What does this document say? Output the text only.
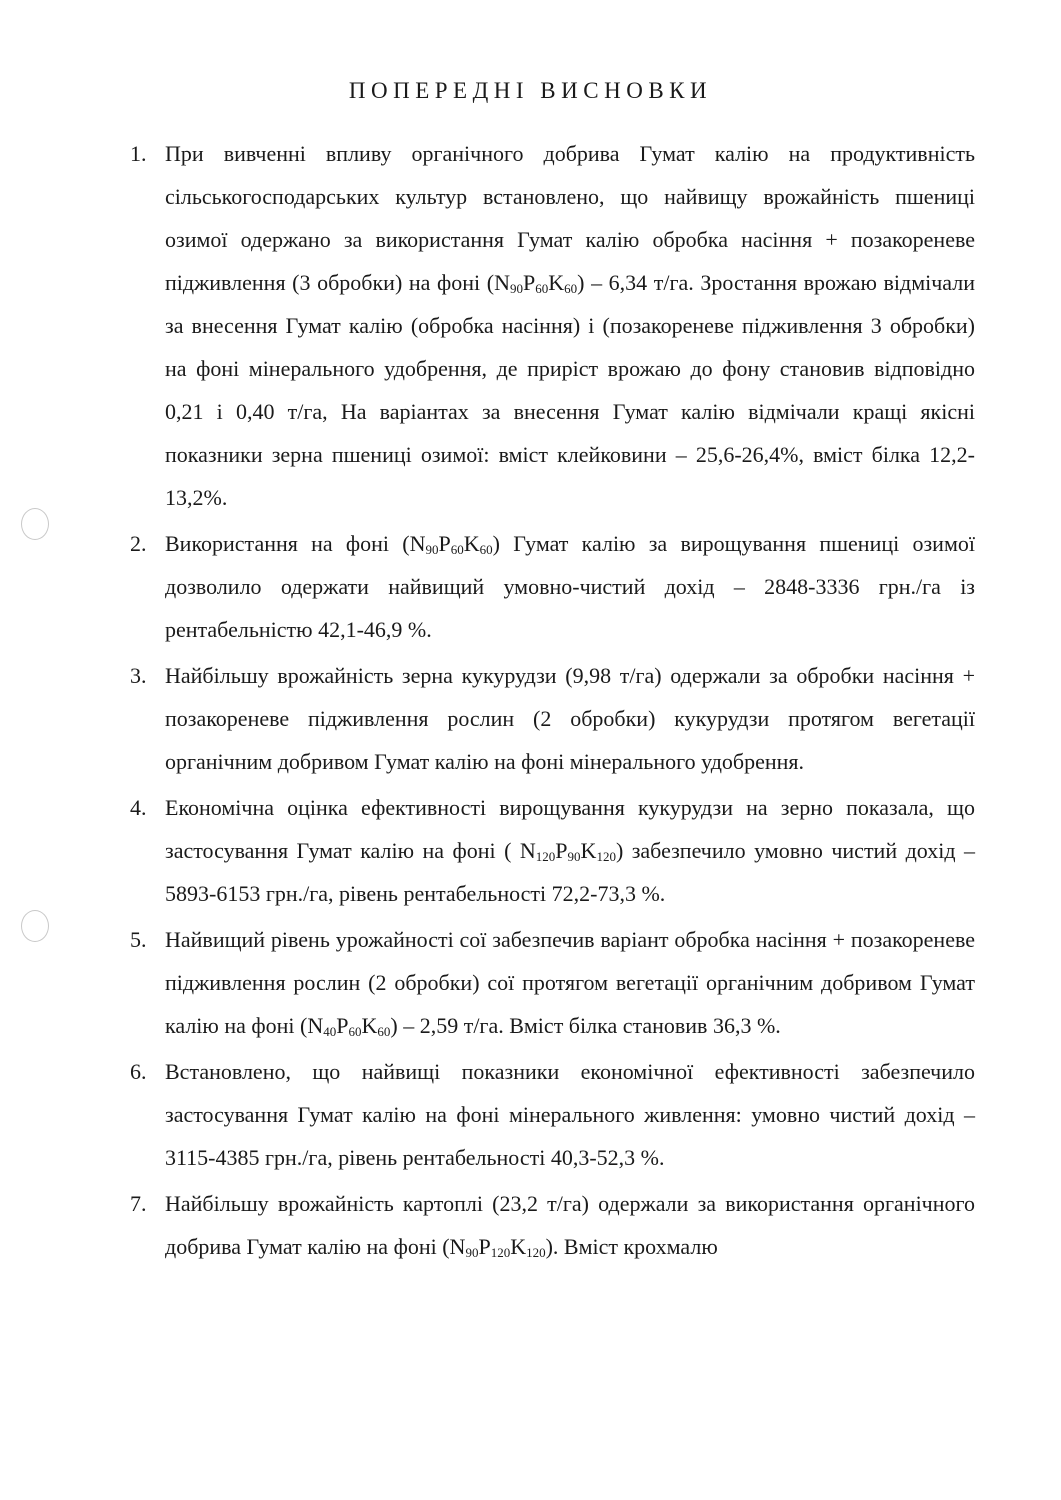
ПОПЕРЕДНІ ВИСНОВКИ
1. При вивченні впливу органічного добрива Гумат калію на продуктивність сільськогосподарських культур встановлено, що найвищу врожайність пшениці озимої одержано за використання Гумат калію обробка насіння + позакореневе підживлення (3 обробки) на фоні $(N_{90}P_{60}K_{60}) - 6,34$ т/га. Зростання врожаю відмічали за внесення Гумат калію (обробка насіння) і (позакореневе підживлення 3 обробки) на фоні мінерального удобрення, де приріст врожаю до фону становив відповідно 0,21 і 0,40 т/га, На варіантах за внесення Гумат калію відмічали кращі якісні показники зерна пшениці озимої: вміст клейковини – 25,6-26,4%, вміст білка 12,2-13,2%.
2. Використання на фоні $(N_{90}P_{60}K_{60})$ Гумат калію за вирощування пшениці озимої дозволило одержати найвищий умовно-чистий дохід – 2848-3336 грн./га із рентабельністю 42,1-46,9 %.
3. Найбільшу врожайність зерна кукурудзи (9,98 т/га) одержали за обробки насіння + позакореневе підживлення рослин (2 обробки) кукурудзи протягом вегетації органічним добривом Гумат калію на фоні мінерального удобрення.
4. Економічна оцінка ефективності вирощування кукурудзи на зерно показала, що застосування Гумат калію на фоні ( $N_{120}P_{90}K_{120}$) забезпечило умовно чистий дохід – 5893-6153 грн./га, рівень рентабельності 72,2-73,3 %.
5. Найвищий рівень урожайності сої забезпечив варіант обробка насіння + позакореневе підживлення рослин (2 обробки) сої протягом вегетації органічним добривом Гумат калію на фоні $(N_{40}P_{60}K_{60}) - 2,59$ т/га. Вміст білка становив 36,3 %.
6. Встановлено, що найвищі показники економічної ефективності забезпечило застосування Гумат калію на фоні мінерального живлення: умовно чистий дохід – 3115-4385 грн./га, рівень рентабельності 40,3-52,3 %.
7. Найбільшу врожайність картоплі (23,2 т/га) одержали за використання органічного добрива Гумат калію на фоні $(N_{90}P_{120}K_{120})$. Вміст крохмалю
